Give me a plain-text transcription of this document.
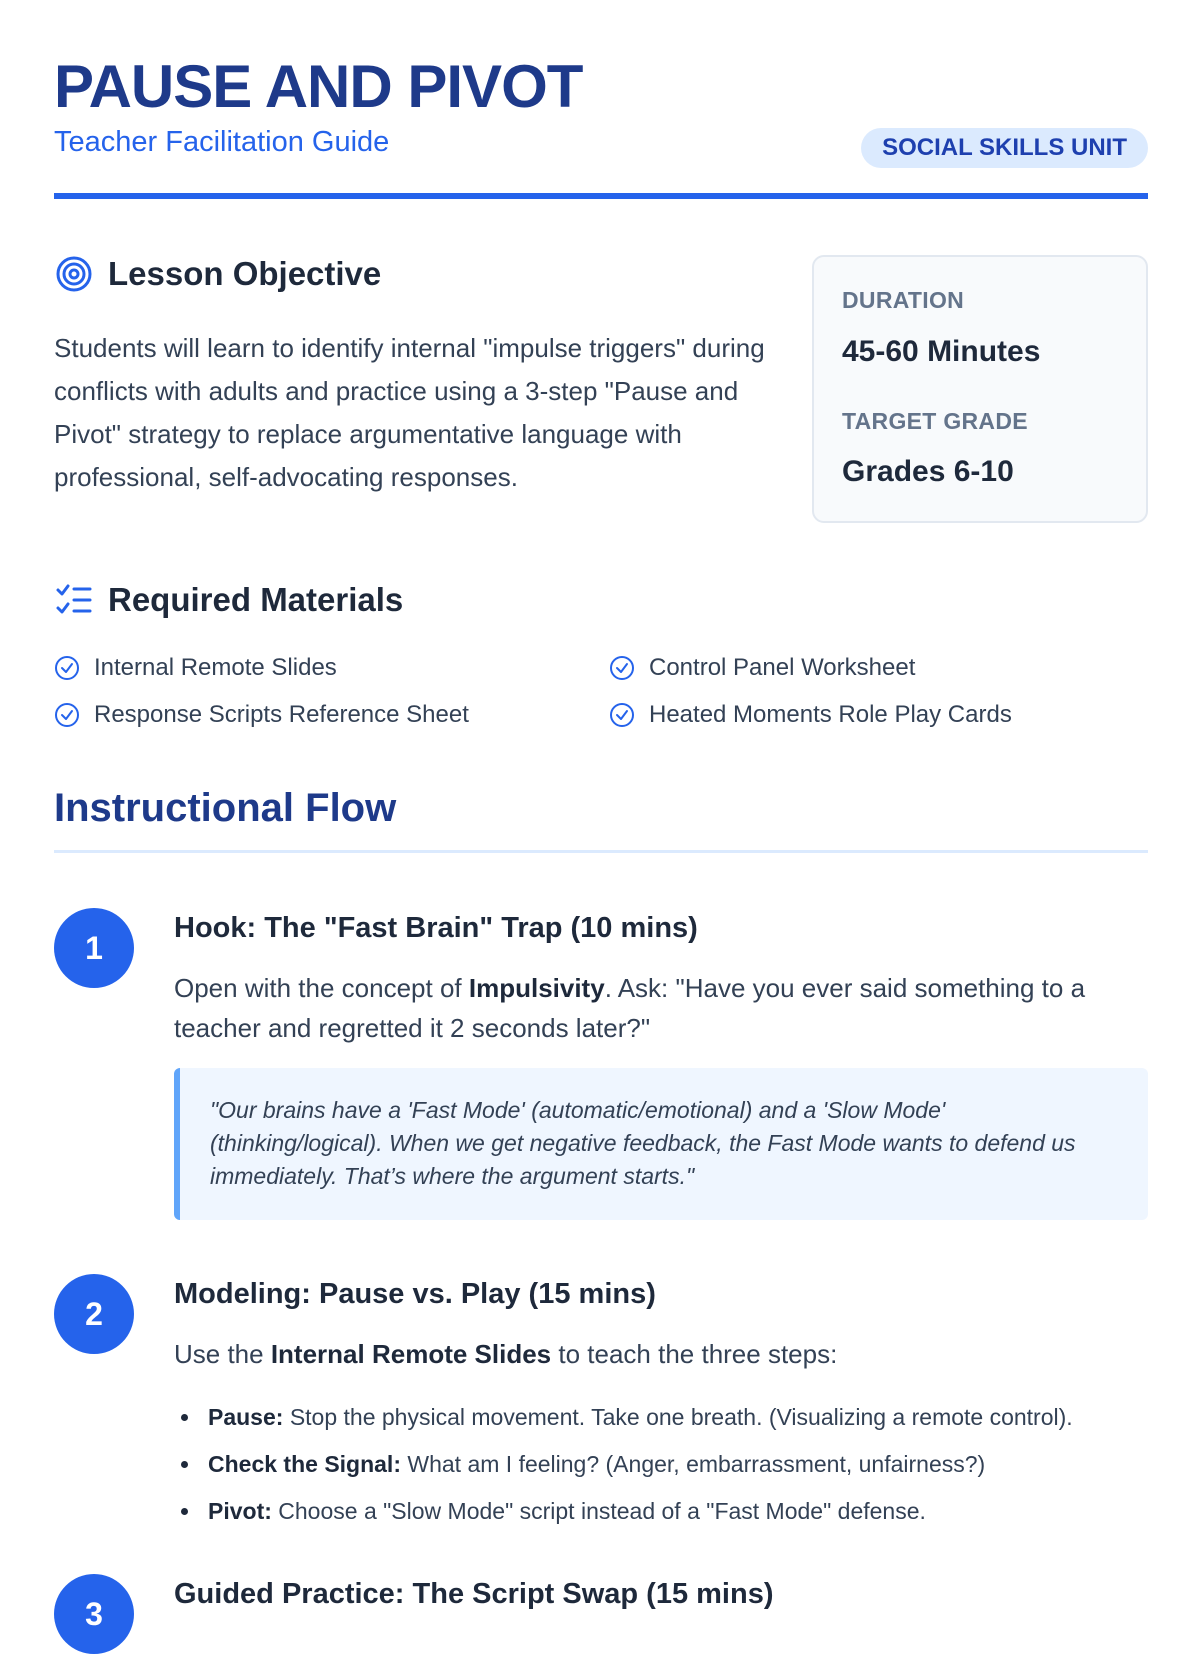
PAUSE AND PIVOT
Teacher Facilitation Guide	SOCIAL SKILLS UNIT
Lesson Objective

Students will learn to identify internal "impulse triggers" during conflicts with adults and practice using a 3-step "Pause and Pivot" strategy to replace argumentative language with professional, self-advocating responses.

DURATION
45-60 Minutes
TARGET GRADE
Grades 6-10
Required Materials
Internal Remote Slides	Control Panel Worksheet
Response Scripts Reference Sheet	Heated Moments Role Play Cards
Instructional Flow
1
Hook: The "Fast Brain" Trap (10 mins)

Open with the concept of Impulsivity. Ask: "Have you ever said something to a teacher and regretted it 2 seconds later?"

"Our brains have a 'Fast Mode' (automatic/emotional) and a 'Slow Mode' (thinking/logical). When we get negative feedback, the Fast Mode wants to defend us immediately. That’s where the argument starts."
2
Modeling: Pause vs. Play (15 mins)

Use the Internal Remote Slides to teach the three steps:

Pause: Stop the physical movement. Take one breath. (Visualizing a remote control).
Check the Signal: What am I feeling? (Anger, embarrassment, unfairness?)
Pivot: Choose a "Slow Mode" script instead of a "Fast Mode" defense.
3
Guided Practice: The Script Swap (15 mins)
